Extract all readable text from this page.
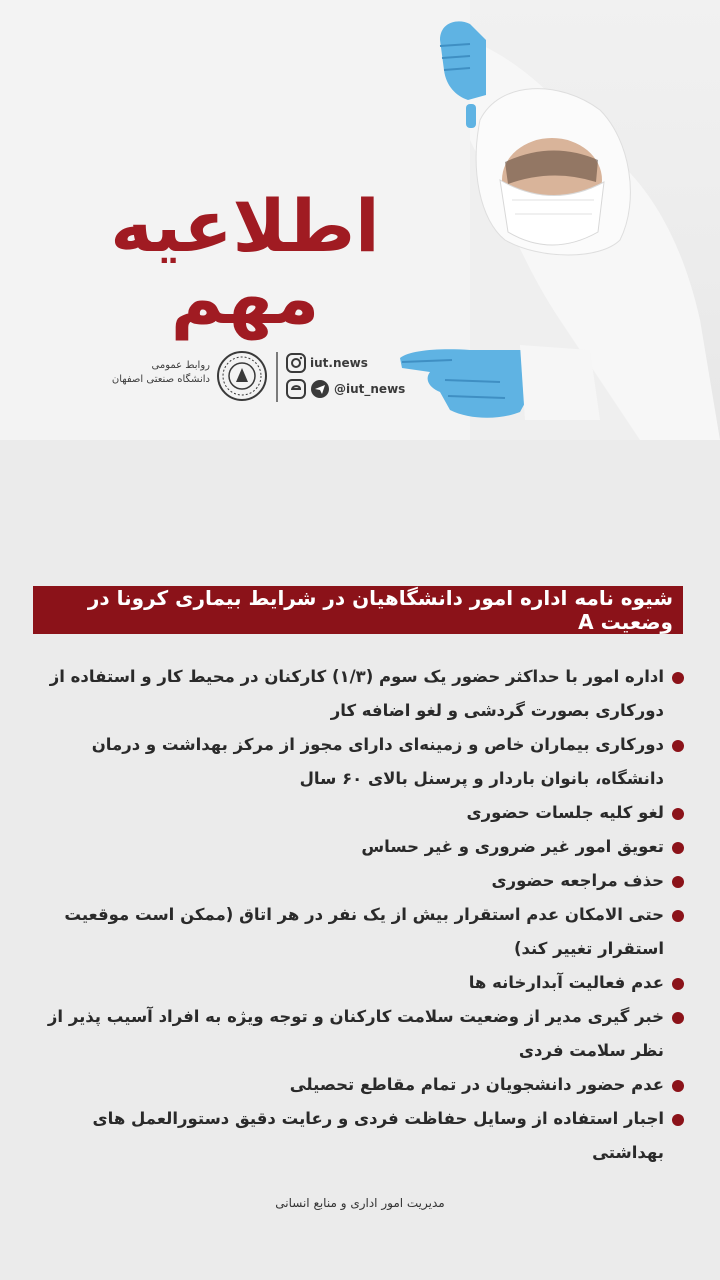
اطلاعیه مهم
روابط عمومی
دانشگاه صنعتی اصفهان
iut.news
@iut_news
شیوه نامه اداره امور دانشگاهیان در شرایط بیماری کرونا در وضعیت A
اداره امور با حداکثر حضور یک سوم (۱/۳) کارکنان در محیط کار و استفاده از دورکاری بصورت گردشی و لغو اضافه کار
دورکاری بیماران خاص و زمینه‌ای دارای مجوز از مرکز بهداشت و درمان دانشگاه، بانوان باردار و پرسنل بالای ۶۰ سال
لغو کلیه جلسات حضوری
تعویق امور غیر ضروری و غیر حساس
حذف مراجعه حضوری
حتی الامکان عدم استقرار بیش از یک نفر در هر اتاق (ممکن است موقعیت استقرار تغییر کند)
عدم فعالیت آبدارخانه ها
خبر گیری مدیر از وضعیت سلامت کارکنان و توجه ویژه به افراد آسیب پذیر از نظر سلامت فردی
عدم حضور دانشجویان در تمام مقاطع تحصیلی
اجبار استفاده از وسایل حفاظت فردی و رعایت دقیق دستورالعمل های بهداشتی
مدیریت امور اداری و منابع انسانی
